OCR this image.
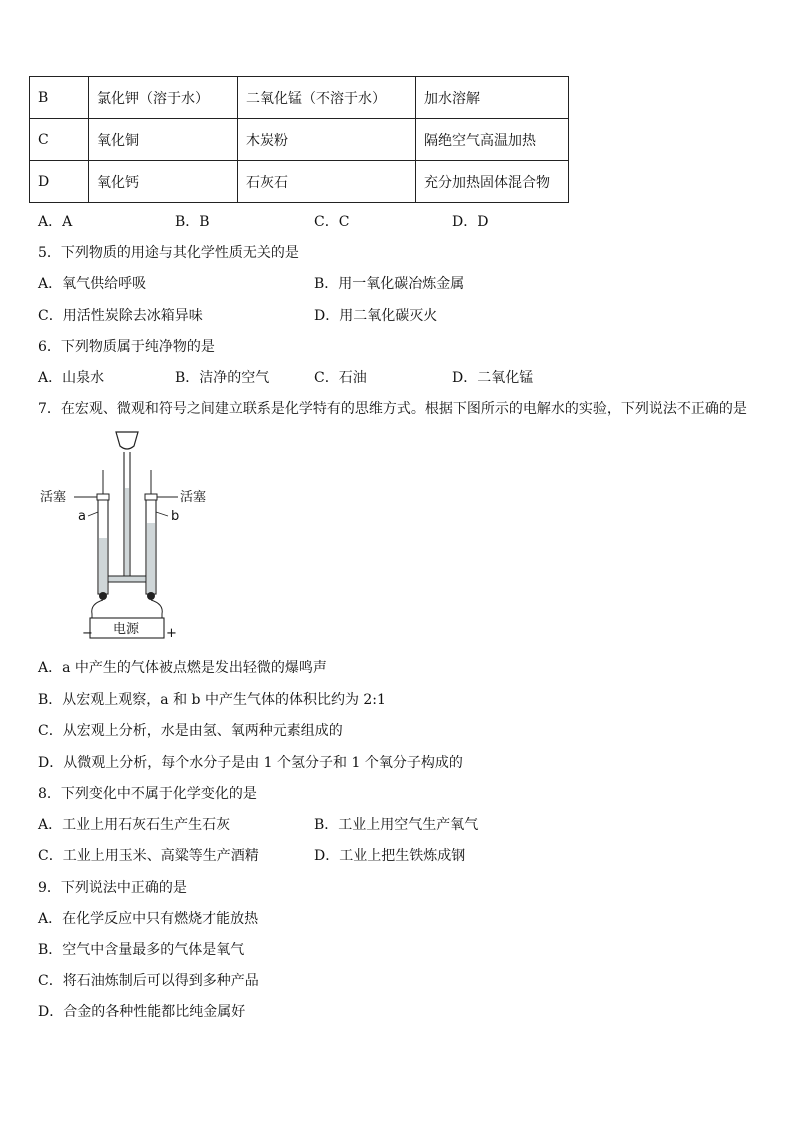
B	氯化钾（溶于水）	二氧化锰（不溶于水）	加水溶解
C	氧化铜	木炭粉	隔绝空气高温加热
D	氧化钙	石灰石	充分加热固体混合物
A．A	B．B	C．C	D．D
5．下列物质的用途与其化学性质无关的是
A．氧气供给呼吸	B．用一氧化碳冶炼金属
C．用活性炭除去冰箱异味	D．用二氧化碳灭火
6．下列物质属于纯净物的是
A．山泉水	B．洁净的空气	C．石油	D．二氧化锰
7．在宏观、微观和符号之间建立联系是化学特有的思维方式。根据下图所示的电解水的实验，下列说法不正确的是
活塞	活塞
a	b
电源
−	+
A．a 中产生的气体被点燃是发出轻微的爆鸣声
B．从宏观上观察，a 和 b 中产生气体的体积比约为 2:1
C．从宏观上分析，水是由氢、氧两种元素组成的
D．从微观上分析，每个水分子是由 1 个氢分子和 1 个氧分子构成的
8．下列变化中不属于化学变化的是
A．工业上用石灰石生产生石灰	B．工业上用空气生产氧气
C．工业上用玉米、高粱等生产酒精	D．工业上把生铁炼成钢
9．下列说法中正确的是
A．在化学反应中只有燃烧才能放热
B．空气中含量最多的气体是氧气
C．将石油炼制后可以得到多种产品
D．合金的各种性能都比纯金属好
